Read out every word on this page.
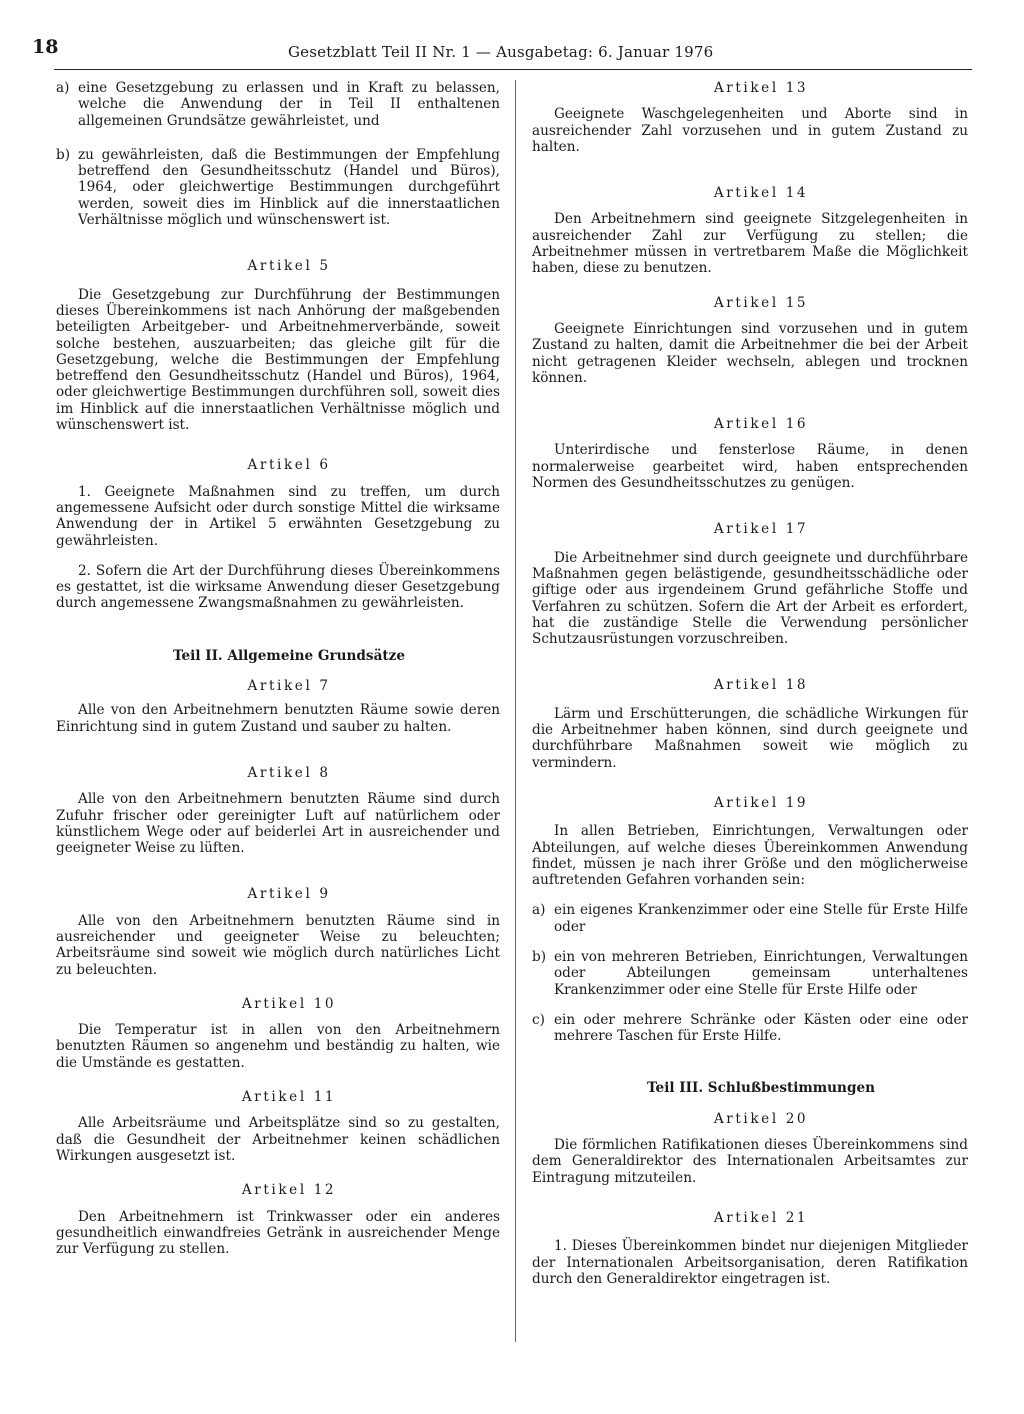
18	Gesetzblatt Teil II Nr. 1 — Ausgabetag: 6. Januar 1976
a) eine Gesetzgebung zu erlassen und in Kraft zu belassen, welche die Anwendung der in Teil II enthaltenen allgemeinen Grundsätze gewährleistet, und
b) zu gewährleisten, daß die Bestimmungen der Empfehlung betreffend den Gesundheitsschutz (Handel und Büros), 1964, oder gleichwertige Bestimmungen durchgeführt werden, soweit dies im Hinblick auf die innerstaatlichen Verhältnisse möglich und wünschenswert ist.

Artikel 5

Die Gesetzgebung zur Durchführung der Bestimmungen dieses Übereinkommens ist nach Anhörung der maßgebenden beteiligten Arbeitgeber- und Arbeitnehmerverbände, soweit solche bestehen, auszuarbeiten; das gleiche gilt für die Gesetzgebung, welche die Bestimmungen der Empfehlung betreffend den Gesundheitsschutz (Handel und Büros), 1964, oder gleichwertige Bestimmungen durchführen soll, soweit dies im Hinblick auf die innerstaatlichen Verhältnisse möglich und wünschenswert ist.

Artikel 6

1. Geeignete Maßnahmen sind zu treffen, um durch angemessene Aufsicht oder durch sonstige Mittel die wirksame Anwendung der in Artikel 5 erwähnten Gesetzgebung zu gewährleisten.

2. Sofern die Art der Durchführung dieses Übereinkommens es gestattet, ist die wirksame Anwendung dieser Gesetzgebung durch angemessene Zwangsmaßnahmen zu gewährleisten.

Teil II. Allgemeine Grundsätze

Artikel 7

Alle von den Arbeitnehmern benutzten Räume sowie deren Einrichtung sind in gutem Zustand und sauber zu halten.

Artikel 8

Alle von den Arbeitnehmern benutzten Räume sind durch Zufuhr frischer oder gereinigter Luft auf natürlichem oder künstlichem Wege oder auf beiderlei Art in ausreichender und geeigneter Weise zu lüften.

Artikel 9

Alle von den Arbeitnehmern benutzten Räume sind in ausreichender und geeigneter Weise zu beleuchten; Arbeitsräume sind soweit wie möglich durch natürliches Licht zu beleuchten.

Artikel 10

Die Temperatur ist in allen von den Arbeitnehmern benutzten Räumen so angenehm und beständig zu halten, wie die Umstände es gestatten.

Artikel 11

Alle Arbeitsräume und Arbeitsplätze sind so zu gestalten, daß die Gesundheit der Arbeitnehmer keinen schädlichen Wirkungen ausgesetzt ist.

Artikel 12

Den Arbeitnehmern ist Trinkwasser oder ein anderes gesundheitlich einwandfreies Getränk in ausreichender Menge zur Verfügung zu stellen.

Artikel 13

Geeignete Waschgelegenheiten und Aborte sind in ausreichender Zahl vorzusehen und in gutem Zustand zu halten.

Artikel 14

Den Arbeitnehmern sind geeignete Sitzgelegenheiten in ausreichender Zahl zur Verfügung zu stellen; die Arbeitnehmer müssen in vertretbarem Maße die Möglichkeit haben, diese zu benutzen.

Artikel 15

Geeignete Einrichtungen sind vorzusehen und in gutem Zustand zu halten, damit die Arbeitnehmer die bei der Arbeit nicht getragenen Kleider wechseln, ablegen und trocknen können.

Artikel 16

Unterirdische und fensterlose Räume, in denen normalerweise gearbeitet wird, haben entsprechenden Normen des Gesundheitsschutzes zu genügen.

Artikel 17

Die Arbeitnehmer sind durch geeignete und durchführbare Maßnahmen gegen belästigende, gesundheitsschädliche oder giftige oder aus irgendeinem Grund gefährliche Stoffe und Verfahren zu schützen. Sofern die Art der Arbeit es erfordert, hat die zuständige Stelle die Verwendung persönlicher Schutzausrüstungen vorzuschreiben.

Artikel 18

Lärm und Erschütterungen, die schädliche Wirkungen für die Arbeitnehmer haben können, sind durch geeignete und durchführbare Maßnahmen soweit wie möglich zu vermindern.

Artikel 19

In allen Betrieben, Einrichtungen, Verwaltungen oder Abteilungen, auf welche dieses Übereinkommen Anwendung findet, müssen je nach ihrer Größe und den möglicherweise auftretenden Gefahren vorhanden sein:

a) ein eigenes Krankenzimmer oder eine Stelle für Erste Hilfe oder
b) ein von mehreren Betrieben, Einrichtungen, Verwaltungen oder Abteilungen gemeinsam unterhaltenes Krankenzimmer oder eine Stelle für Erste Hilfe oder
c) ein oder mehrere Schränke oder Kästen oder eine oder mehrere Taschen für Erste Hilfe.

Teil III. Schlußbestimmungen

Artikel 20

Die förmlichen Ratifikationen dieses Übereinkommens sind dem Generaldirektor des Internationalen Arbeitsamtes zur Eintragung mitzuteilen.

Artikel 21

1. Dieses Übereinkommen bindet nur diejenigen Mitglieder der Internationalen Arbeitsorganisation, deren Ratifikation durch den Generaldirektor eingetragen ist.
